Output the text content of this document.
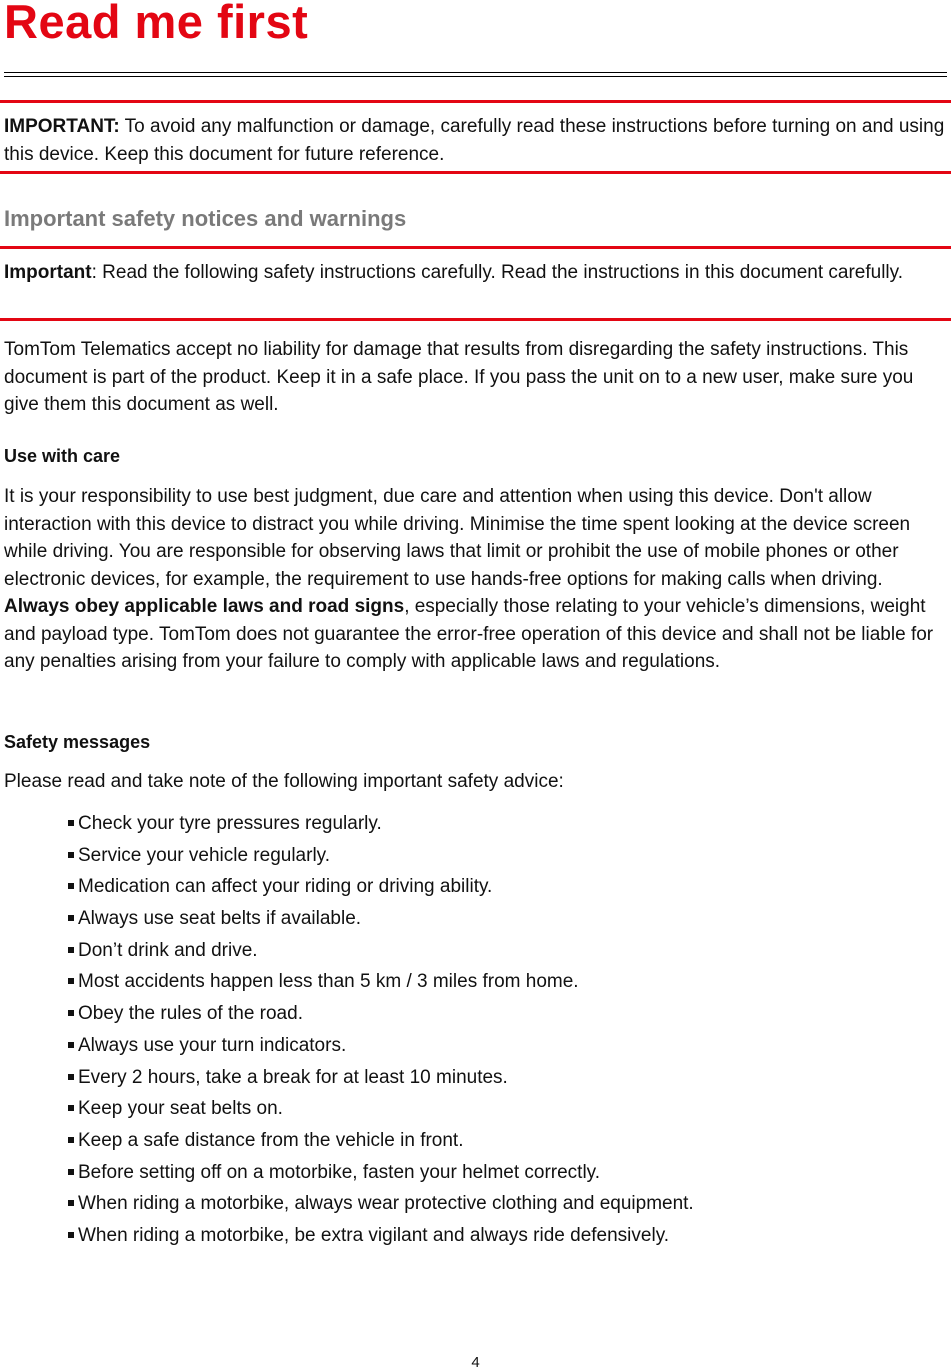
Read me first

IMPORTANT: To avoid any malfunction or damage, carefully read these instructions before turning on and using this device. Keep this document for future reference.

Important safety notices and warnings

Important: Read the following safety instructions carefully. Read the instructions in this document carefully.

TomTom Telematics accept no liability for damage that results from disregarding the safety instructions. This document is part of the product. Keep it in a safe place. If you pass the unit on to a new user, make sure you give them this document as well.

Use with care

It is your responsibility to use best judgment, due care and attention when using this device. Don't allow interaction with this device to distract you while driving. Minimise the time spent looking at the device screen while driving. You are responsible for observing laws that limit or prohibit the use of mobile phones or other electronic devices, for example, the requirement to use hands-free options for making calls when driving. Always obey applicable laws and road signs, especially those relating to your vehicle’s dimensions, weight and payload type. TomTom does not guarantee the error-free operation of this device and shall not be liable for any penalties arising from your failure to comply with applicable laws and regulations.

Safety messages

Please read and take note of the following important safety advice:

Check your tyre pressures regularly.
Service your vehicle regularly.
Medication can affect your riding or driving ability.
Always use seat belts if available.
Don’t drink and drive.
Most accidents happen less than 5 km / 3 miles from home.
Obey the rules of the road.
Always use your turn indicators.
Every 2 hours, take a break for at least 10 minutes.
Keep your seat belts on.
Keep a safe distance from the vehicle in front.
Before setting off on a motorbike, fasten your helmet correctly.
When riding a motorbike, always wear protective clothing and equipment.
When riding a motorbike, be extra vigilant and always ride defensively.

4
